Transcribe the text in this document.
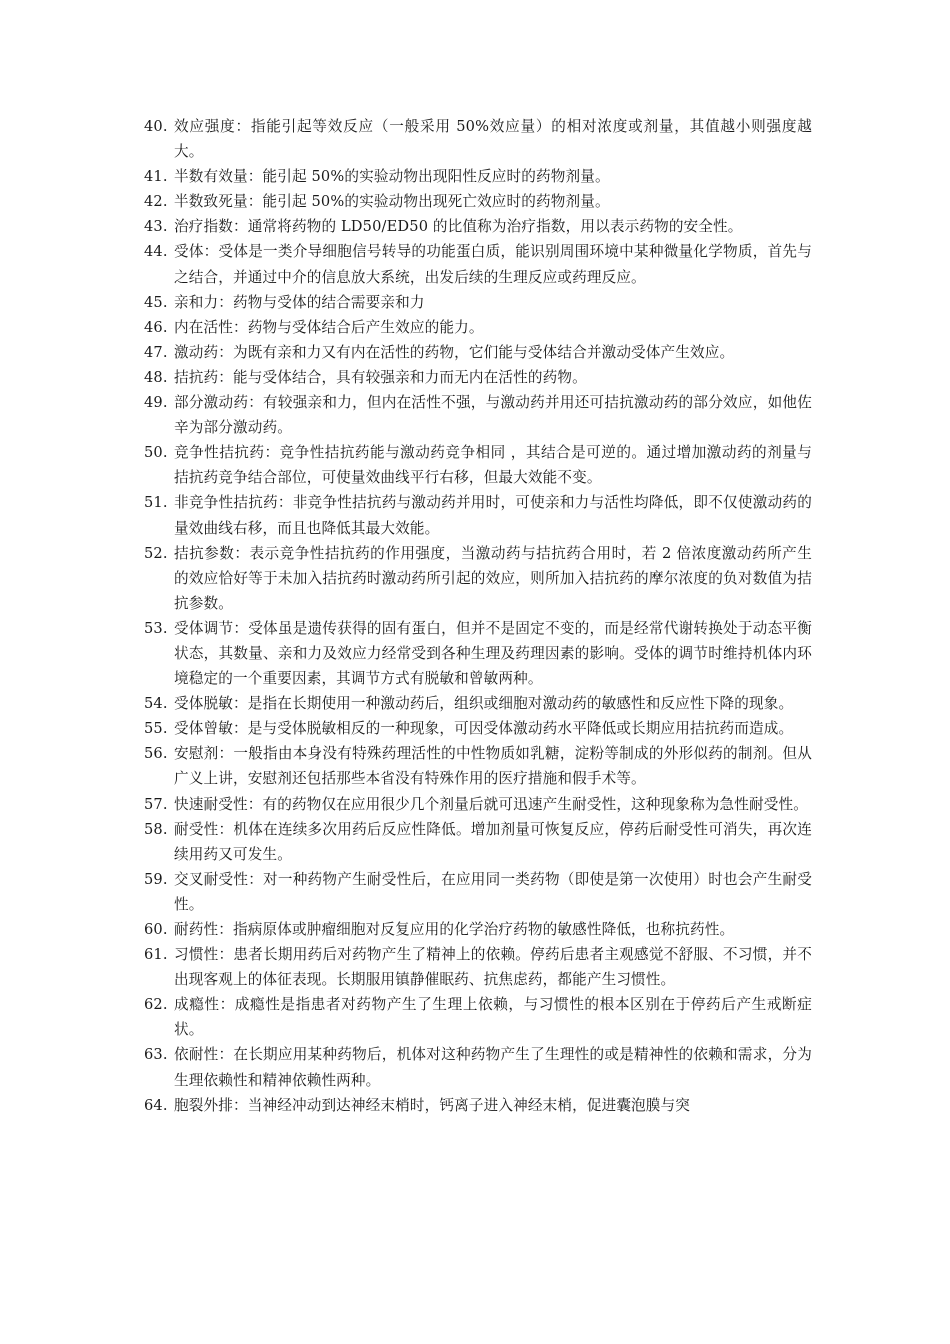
40. 效应强度：指能引起等效反应（一般采用 50%效应量）的相对浓度或剂量，其值越小则强度越大。
41. 半数有效量：能引起 50%的实验动物出现阳性反应时的药物剂量。
42. 半数致死量：能引起 50%的实验动物出现死亡效应时的药物剂量。
43. 治疗指数：通常将药物的 LD50/ED50 的比值称为治疗指数，用以表示药物的安全性。
44. 受体：受体是一类介导细胞信号转导的功能蛋白质，能识别周围环境中某种微量化学物质，首先与之结合，并通过中介的信息放大系统，出发后续的生理反应或药理反应。
45. 亲和力：药物与受体的结合需要亲和力
46. 内在活性：药物与受体结合后产生效应的能力。
47. 激动药：为既有亲和力又有内在活性的药物，它们能与受体结合并激动受体产生效应。
48. 拮抗药：能与受体结合，具有较强亲和力而无内在活性的药物。
49. 部分激动药：有较强亲和力，但内在活性不强，与激动药并用还可拮抗激动药的部分效应，如他佐辛为部分激动药。
50. 竞争性拮抗药：竞争性拮抗药能与激动药竞争相同 ，其结合是可逆的。通过增加激动药的剂量与拮抗药竞争结合部位，可使量效曲线平行右移，但最大效能不变。
51. 非竞争性拮抗药：非竞争性拮抗药与激动药并用时，可使亲和力与活性均降低，即不仅使激动药的量效曲线右移，而且也降低其最大效能。
52. 拮抗参数：表示竞争性拮抗药的作用强度，当激动药与拮抗药合用时，若 2 倍浓度激动药所产生的效应恰好等于未加入拮抗药时激动药所引起的效应，则所加入拮抗药的摩尔浓度的负对数值为拮抗参数。
53. 受体调节：受体虽是遗传获得的固有蛋白，但并不是固定不变的，而是经常代谢转换处于动态平衡状态，其数量、亲和力及效应力经常受到各种生理及药理因素的影响。受体的调节时维持机体内环境稳定的一个重要因素，其调节方式有脱敏和曾敏两种。
54. 受体脱敏：是指在长期使用一种激动药后，组织或细胞对激动药的敏感性和反应性下降的现象。
55. 受体曾敏：是与受体脱敏相反的一种现象，可因受体激动药水平降低或长期应用拮抗药而造成。
56. 安慰剂：一般指由本身没有特殊药理活性的中性物质如乳糖，淀粉等制成的外形似药的制剂。但从广义上讲，安慰剂还包括那些本省没有特殊作用的医疗措施和假手术等。
57. 快速耐受性：有的药物仅在应用很少几个剂量后就可迅速产生耐受性，这种现象称为急性耐受性。
58. 耐受性：机体在连续多次用药后反应性降低。增加剂量可恢复反应，停药后耐受性可消失，再次连续用药又可发生。
59. 交叉耐受性：对一种药物产生耐受性后，在应用同一类药物（即使是第一次使用）时也会产生耐受性。
60. 耐药性：指病原体或肿瘤细胞对反复应用的化学治疗药物的敏感性降低，也称抗药性。
61. 习惯性：患者长期用药后对药物产生了精神上的依赖。停药后患者主观感觉不舒服、不习惯，并不出现客观上的体征表现。长期服用镇静催眠药、抗焦虑药，都能产生习惯性。
62. 成瘾性：成瘾性是指患者对药物产生了生理上依赖，与习惯性的根本区别在于停药后产生戒断症状。
63. 依耐性：在长期应用某种药物后，机体对这种药物产生了生理性的或是精神性的依赖和需求，分为生理依赖性和精神依赖性两种。
64. 胞裂外排：当神经冲动到达神经末梢时，钙离子进入神经末梢，促进囊泡膜与突
